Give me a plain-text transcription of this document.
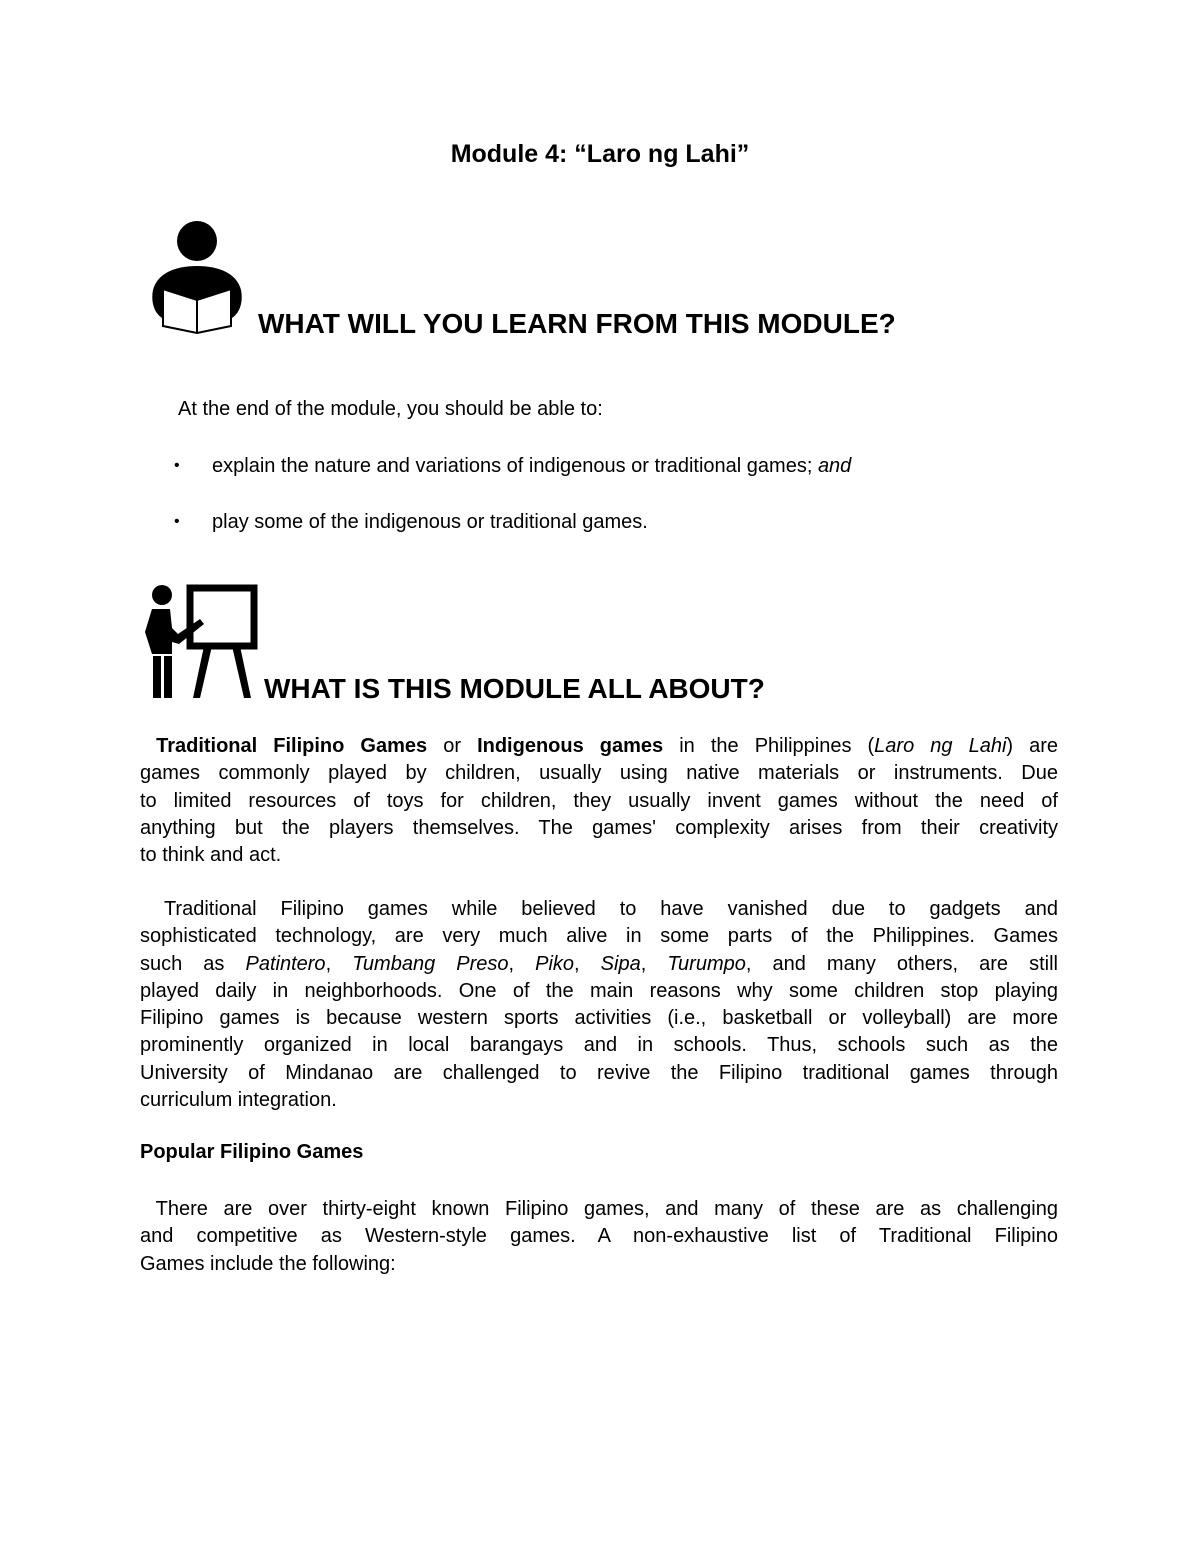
Module 4: “Laro ng Lahi”
WHAT WILL YOU LEARN FROM THIS MODULE?

At the end of the module, you should be able to:

• explain the nature and variations of indigenous or traditional games; and
• play some of the indigenous or traditional games.
WHAT IS THIS MODULE ALL ABOUT?
Traditional Filipino Games or Indigenous games in the Philippines (Laro ng Lahi) are
games commonly played by children, usually using native materials or instruments. Due
to limited resources of toys for children, they usually invent games without the need of
anything but the players themselves. The games' complexity arises from their creativity
to think and act.
Traditional Filipino games while believed to have vanished due to gadgets and
sophisticated technology, are very much alive in some parts of the Philippines. Games
such as Patintero, Tumbang Preso, Piko, Sipa, Turumpo, and many others, are still
played daily in neighborhoods. One of the main reasons why some children stop playing
Filipino games is because western sports activities (i.e., basketball or volleyball) are more
prominently organized in local barangays and in schools. Thus, schools such as the
University of Mindanao are challenged to revive the Filipino traditional games through
curriculum integration.
Popular Filipino Games
There are over thirty-eight known Filipino games, and many of these are as challenging
and competitive as Western-style games. A non-exhaustive list of Traditional Filipino
Games include the following:
